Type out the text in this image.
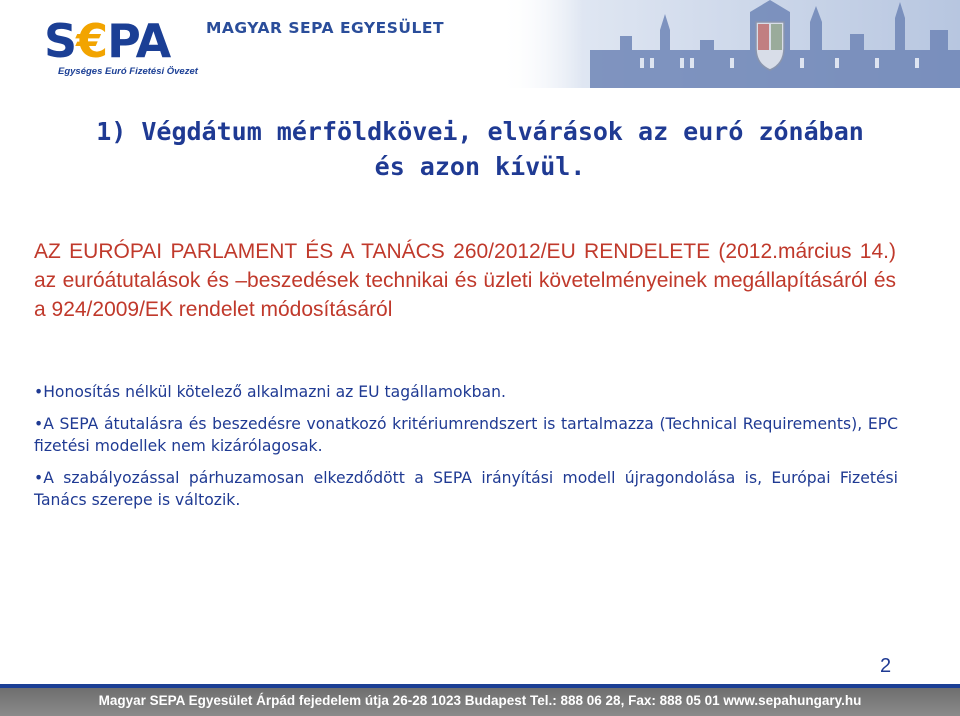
S€PA
Egységes Euró Fizetési Övezet
MAGYAR SEPA EGYESÜLET
1) Végdátum mérföldkövei, elvárások az euró zónában
és azon kívül.

AZ EURÓPAI PARLAMENT ÉS A TANÁCS 260/2012/EU RENDELETE (2012.március 14.) az euróátutalások és –beszedések technikai és üzleti követelményeinek megállapításáról és a 924/2009/EK rendelet módosításáról

• Honosítás nélkül kötelező alkalmazni az EU tagállamokban.
• A SEPA átutalásra és beszedésre vonatkozó kritériumrendszert is tartalmazza (Technical Requirements), EPC fizetési modellek nem kizárólagosak.
• A szabályozással párhuzamosan elkezdődött a SEPA irányítási modell újragondolása is, Európai Fizetési Tanács szerepe is változik.
2
Magyar SEPA Egyesület Árpád fejedelem útja 26-28 1023 Budapest Tel.: 888 06 28, Fax: 888 05 01 www.sepahungary.hu
